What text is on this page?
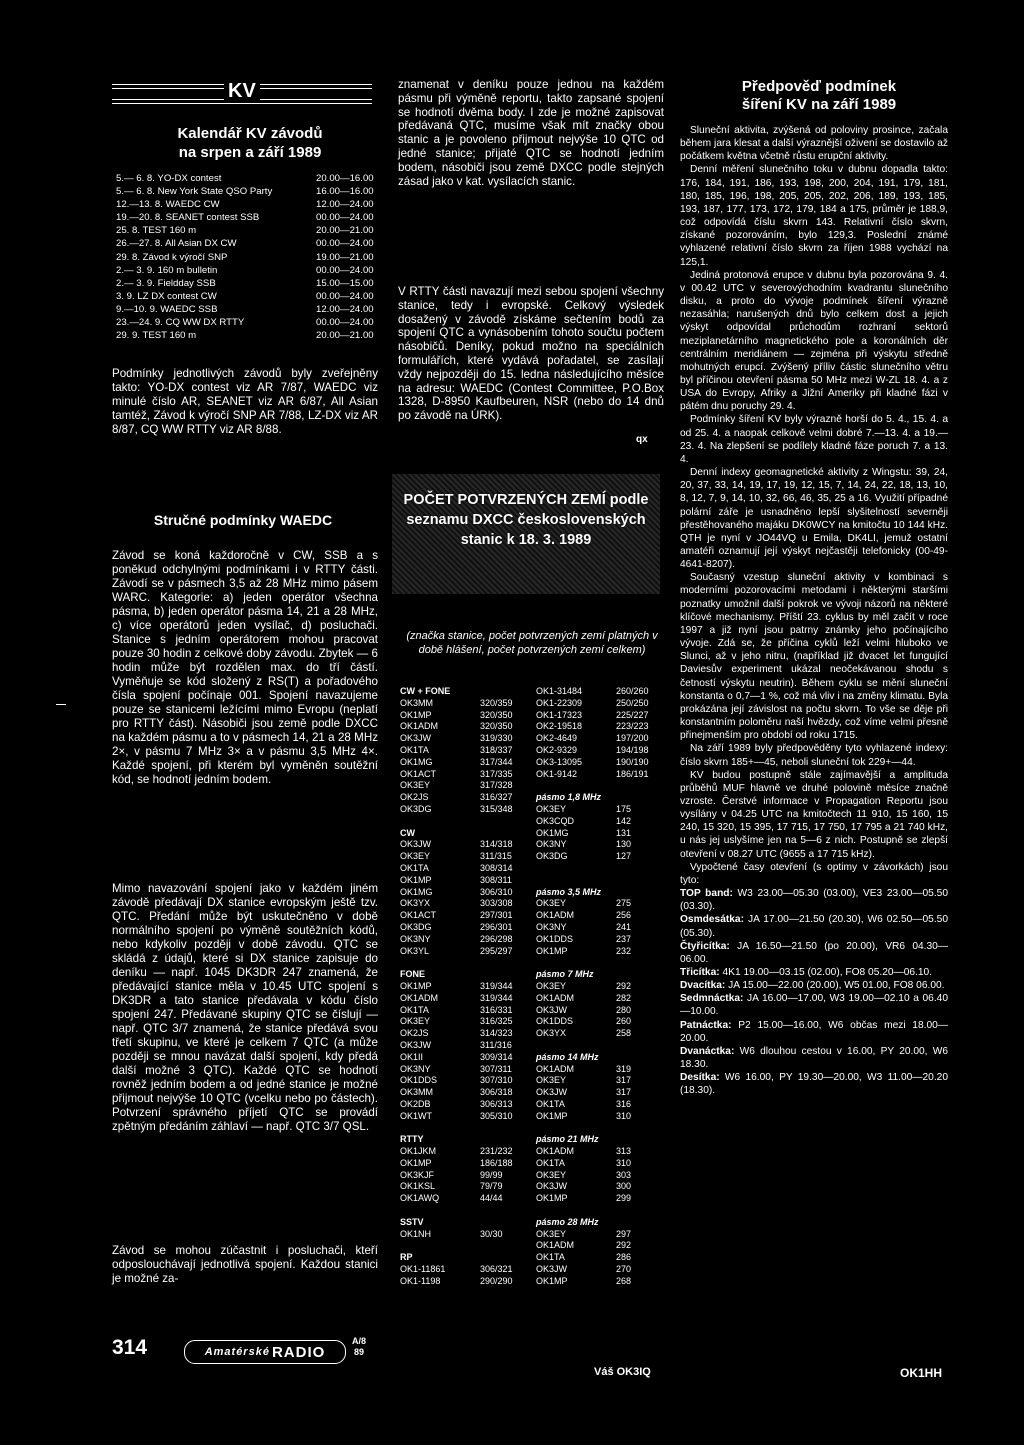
KV
Kalendář KV závodů
na srpen a září 1989
5.— 6. 8. YO-DX contest	20.00—16.00
5.— 6. 8. New York State QSO Party	16.00—16.00
12.—13. 8. WAEDC CW	12.00—24.00
19.—20. 8. SEANET contest SSB	00.00—24.00
25. 8. TEST 160 m	20.00—21.00
26.—27. 8. All Asian DX CW	00.00—24.00
29. 8. Závod k výročí SNP	19.00—21.00
2.— 3. 9. 160 m bulletin	00.00—24.00
2.— 3. 9. Fieldday SSB	15.00—15.00
3. 9. LZ DX contest CW	00.00—24.00
9.—10. 9. WAEDC SSB	12.00—24.00
23.—24. 9. CQ WW DX RTTY	00.00—24.00
29. 9. TEST 160 m	20.00—21.00
Podmínky jednotlivých závodů byly zveřejněny takto: YO-DX contest viz AR 7/87, WAEDC viz minulé číslo AR, SEANET viz AR 6/87, All Asian tamtéž, Závod k výročí SNP AR 7/88, LZ-DX viz AR 8/87, CQ WW RTTY viz AR 8/88.
Stručné podmínky WAEDC
Závod se koná každoročně v CW, SSB a s poněkud odchylnými podmínkami i v RTTY části. Závodí se v pásmech 3,5 až 28 MHz mimo pásem WARC. Kategorie: a) jeden operátor všechna pásma, b) jeden operátor pásma 14, 21 a 28 MHz, c) více operátorů jeden vysílač, d) posluchači. Stanice s jedním operátorem mohou pracovat pouze 30 hodin z celkové doby závodu. Zbytek — 6 hodin může být rozdělen max. do tří částí. Vyměňuje se kód složený z RS(T) a pořadového čísla spojení počínaje 001. Spojení navazujeme pouze se stanicemi ležícími mimo Evropu (neplatí pro RTTY část). Násobiči jsou země podle DXCC na každém pásmu a to v pásmech 14, 21 a 28 MHz 2×, v pásmu 7 MHz 3× a v pásmu 3,5 MHz 4×. Každé spojení, při kterém byl vyměněn soutěžní kód, se hodnotí jedním bodem.
Mimo navazování spojení jako v každém jiném závodě předávají DX stanice evropským ještě tzv. QTC. Předání může být uskutečněno v době normálního spojení po výměně soutěžních kódů, nebo kdykoliv později v době závodu. QTC se skládá z údajů, které si DX stanice zapisuje do deníku — např. 1045 DK3DR 247 znamená, že předávající stanice měla v 10.45 UTC spojení s DK3DR a tato stanice předávala v kódu číslo spojení 247. Předávané skupiny QTC se číslují — např. QTC 3/7 znamená, že stanice předává svou třetí skupinu, ve které je celkem 7 QTC (a může později se mnou navázat další spojení, kdy předá další možné 3 QTC). Každé QTC se hodnotí rovněž jedním bodem a od jedné stanice je možné přijmout nejvýše 10 QTC (vcelku nebo po částech). Potvrzení správného příjetí QTC se provádí zpětným předáním záhlaví — např. QTC 3/7 QSL.
Závod se mohou zúčastnit i posluchači, kteří odposlouchávají jednotlivá spojení. Každou stanici je možné za-
znamenat v deníku pouze jednou na každém pásmu při výměně reportu, takto zapsané spojení se hodnotí dvěma body. I zde je možné zapisovat předávaná QTC, musíme však mít značky obou stanic a je povoleno přijmout nejvýše 10 QTC od jedné stanice; přijaté QTC se hodnotí jedním bodem, násobiči jsou země DXCC podle stejných zásad jako v kat. vysílacích stanic.
V RTTY části navazují mezi sebou spojení všechny stanice, tedy i evropské. Celkový výsledek dosažený v závodě získáme sečtením bodů za spojení QTC a vynásobením tohoto součtu počtem násobičů. Deníky, pokud možno na speciálních formulářích, které vydává pořadatel, se zasílají vždy nejpozději do 15. ledna následujícího měsíce na adresu: WAEDC (Contest Committee, P.O.Box 1328, D-8950 Kaufbeuren, NSR (nebo do 14 dnů po závodě na ÚRK).
qx
POČET POTVRZENÝCH ZEMÍ podle seznamu DXCC československých stanic k 18. 3. 1989
(značka stanice, počet potvrzených zemí platných v době hlášení, počet potvrzených zemí celkem)
CW + FONE
OK3MM	320/359
OK1MP	320/350
OK1ADM	320/350
OK3JW	319/330
OK1TA	318/337
OK1MG	317/344
OK1ACT	317/335
OK3EY	317/328
OK2JS	316/327
OK3DG	315/348

CW
OK3JW	314/318
OK3EY	311/315
OK1TA	308/314
OK1MP	308/311
OK1MG	306/310
OK3YX	303/308
OK1ACT	297/301
OK3DG	296/301
OK3NY	296/298
OK3YL	295/297

FONE
OK1MP	319/344
OK1ADM	319/344
OK1TA	316/331
OK3EY	316/325
OK2JS	314/323
OK3JW	311/316
OK1II	309/314
OK3NY	307/311
OK1DDS	307/310
OK3MM	306/318
OK2DB	306/313
OK1WT	305/310

RTTY
OK1JKM	231/232
OK1MP	186/188
OK3KJF	99/99
OK1KSL	79/79
OK1AWQ	44/44

SSTV
OK1NH	30/30

RP
OK1-11861	306/321
OK1-1198	290/290
OK1-31484	260/260
OK1-22309	250/250
OK1-17323	225/227
OK2-19518	223/223
OK2-4649	197/200
OK2-9329	194/198
OK3-13095	190/190
OK1-9142	186/191

pásmo 1,8 MHz
OK3EY	175
OK3CQD	142
OK1MG	131
OK3NY	130
OK3DG	127

pásmo 3,5 MHz
OK3EY	275
OK1ADM	256
OK3NY	241
OK1DDS	237
OK1MP	232

pásmo 7 MHz
OK3EY	292
OK1ADM	282
OK3JW	280
OK1DDS	260
OK3YX	258

pásmo 14 MHz
OK1ADM	319
OK3EY	317
OK3JW	317
OK1TA	316
OK1MP	310

pásmo 21 MHz
OK1ADM	313
OK1TA	310
OK3EY	303
OK3JW	300
OK1MP	299

pásmo 28 MHz
OK3EY	297
OK1ADM	292
OK1TA	286
OK3JW	270
OK1MP	268
Váš OK3IQ
Předpověď podmínek
šíření KV na září 1989

Sluneční aktivita, zvýšená od poloviny prosince, začala během jara klesat a další výraznější oživení se dostavilo až počátkem května včetně růstu erupční aktivity.

Denní měření slunečního toku v dubnu dopadla takto: 176, 184, 191, 186, 193, 198, 200, 204, 191, 179, 181, 180, 185, 196, 198, 205, 205, 202, 206, 189, 193, 185, 193, 187, 177, 173, 172, 179, 184 a 175, průměr je 188,9, což odpovídá číslu skvrn 143. Relativní číslo skvrn, získané pozorováním, bylo 129,3. Poslední známé vyhlazené relativní číslo skvrn za říjen 1988 vychází na 125,1.

Jediná protonová erupce v dubnu byla pozorována 9. 4. v 00.42 UTC v severovýchodním kvadrantu slunečního disku, a proto do vývoje podmínek šíření výrazně nezasáhla; narušených dnů bylo celkem dost a jejich výskyt odpovídal průchodům rozhraní sektorů meziplanetárního magnetického pole a koronálních děr centrálním meridiánem — zejména při výskytu středně mohutných erupcí. Zvýšený příliv částic slunečního větru byl příčinou otevření pásma 50 MHz mezi W-ZL 18. 4. a z USA do Evropy, Afriky a Jižní Ameriky při kladné fázi v pátém dnu poruchy 29. 4.

Podmínky šíření KV byly výrazně horší do 5. 4., 15. 4. a od 25. 4. a naopak celkově velmi dobré 7.—13. 4. a 19.—23. 4. Na zlepšení se podílely kladné fáze poruch 7. a 13. 4.

Denní indexy geomagnetické aktivity z Wingstu: 39, 24, 20, 37, 33, 14, 19, 17, 19, 12, 15, 7, 14, 24, 22, 18, 13, 10, 8, 12, 7, 9, 14, 10, 32, 66, 46, 35, 25 a 16. Využití případné polární záře je usnadněno lepší slyšitelností severněji přestěhovaného majáku DK0WCY na kmitočtu 10 144 kHz. QTH je nyní v JO44VQ u Emila, DK4LI, jemuž ostatní amatéři oznamují její výskyt nejčastěji telefonicky (00-49-4641-8207).

Současný vzestup sluneční aktivity v kombinaci s moderními pozorovacími metodami i některými staršími poznatky umožnil další pokrok ve vývoji názorů na některé klíčové mechanismy. Příští 23. cyklus by měl začít v roce 1997 a již nyní jsou patrny známky jeho počínajícího vývoje. Zdá se, že příčina cyklů leží velmi hluboko ve Slunci, až v jeho nitru, (například již dvacet let fungující Daviesův experiment ukázal neočekávanou shodu s četností výskytu neutrin). Během cyklu se mění sluneční konstanta o 0,7—1 %, což má vliv i na změny klimatu. Byla prokázána její závislost na počtu skvrn. To vše se děje při konstantním poloměru naší hvězdy, což víme velmi přesně přinejmenším pro období od roku 1715.

Na září 1989 byly předpověděny tyto vyhlazené indexy: číslo skvrn 185+—45, neboli sluneční tok 229+—44.

KV budou postupně stále zajímavější a amplituda průběhů MUF hlavně ve druhé polovině měsíce značně vzroste. Čerstvé informace v Propagation Reportu jsou vysílány v 04.25 UTC na kmitočtech 11 910, 15 160, 15 240, 15 320, 15 395, 17 715, 17 750, 17 795 a 21 740 kHz, u nás jej uslyšíme jen na 5—6 z nich. Postupně se zlepší otevření v 08.27 UTC (9655 a 17 715 kHz).

Vypočtené časy otevření (s optimy v závorkách) jsou tyto:

TOP band: W3 23.00—05.30 (03.00), VE3 23.00—05.50 (03.30).

Osmdesátka: JA 17.00—21.50 (20.30), W6 02.50—05.50 (05.30).

Čtyřicítka: JA 16.50—21.50 (po 20.00), VR6 04.30—06.00.

Třicítka: 4K1 19.00—03.15 (02.00), FO8 05.20—06.10.

Dvacítka: JA 15.00—22.00 (20.00), W5 01.00, FO8 06.00.

Sedmnáctka: JA 16.00—17.00, W3 19.00—02.10 a 06.40—10.00.

Patnáctka: P2 15.00—16.00, W6 občas mezi 18.00—20.00.

Dvanáctka: W6 dlouhou cestou v 16.00, PY 20.00, W6 18.30.

Desítka: W6 16.00, PY 19.30—20.00, W3 11.00—20.20 (18.30).

OK1HH
314	Amatérské RADIO
A/8
89
